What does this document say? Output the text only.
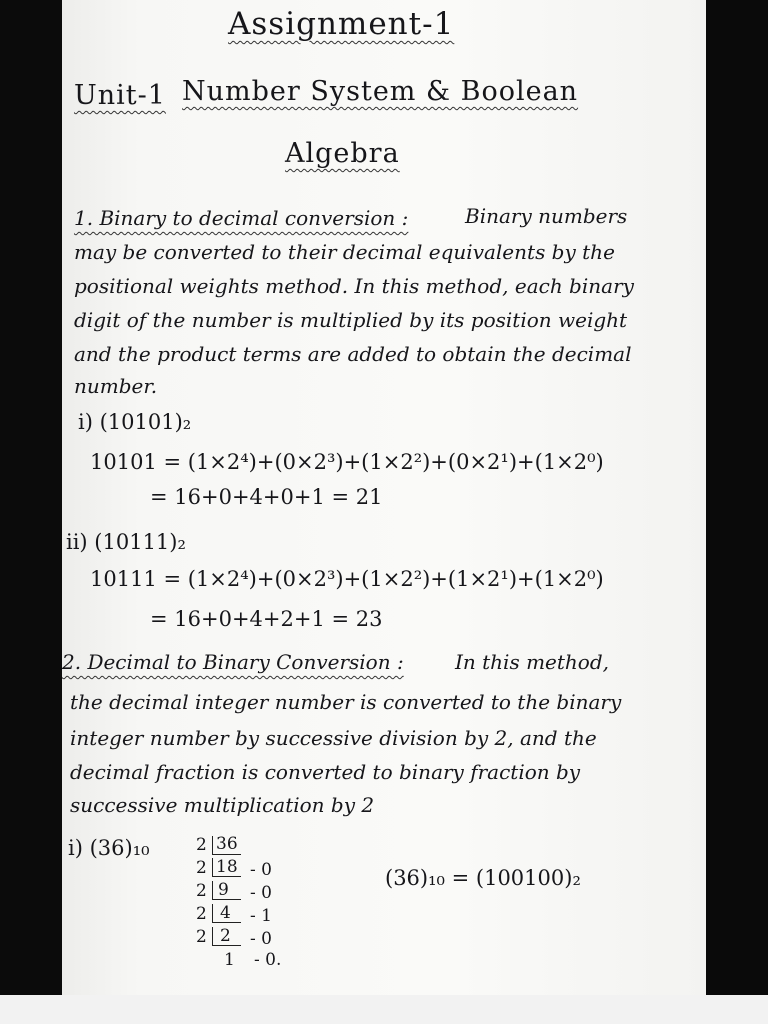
Assignment-1
Unit-1 Number System & Boolean
Algebra
1. Binary to decimal conversion :	Binary numbers
may be converted to their decimal equivalents by the
positional weights method. In this method, each binary
digit of the number is multiplied by its position weight
and the product terms are added to obtain the decimal
number.
i) (10101)₂
10101 = (1×2⁴)+(0×2³)+(1×2²)+(0×2¹)+(1×2⁰)
= 16+0+4+0+1 = 21
ii) (10111)₂
10111 = (1×2⁴)+(0×2³)+(1×2²)+(1×2¹)+(1×2⁰)
= 16+0+4+2+1 = 23
2. Decimal to Binary Conversion :	In this method,
the decimal integer number is converted to the binary
integer number by successive division by 2, and the
decimal fraction is converted to binary fraction by
successive multiplication by 2
i) (36)₁₀	2 36
2 18 - 0
2 9 - 0
2 4 - 1
2 2 - 0
1 - 0.
(36)₁₀ = (100100)₂
